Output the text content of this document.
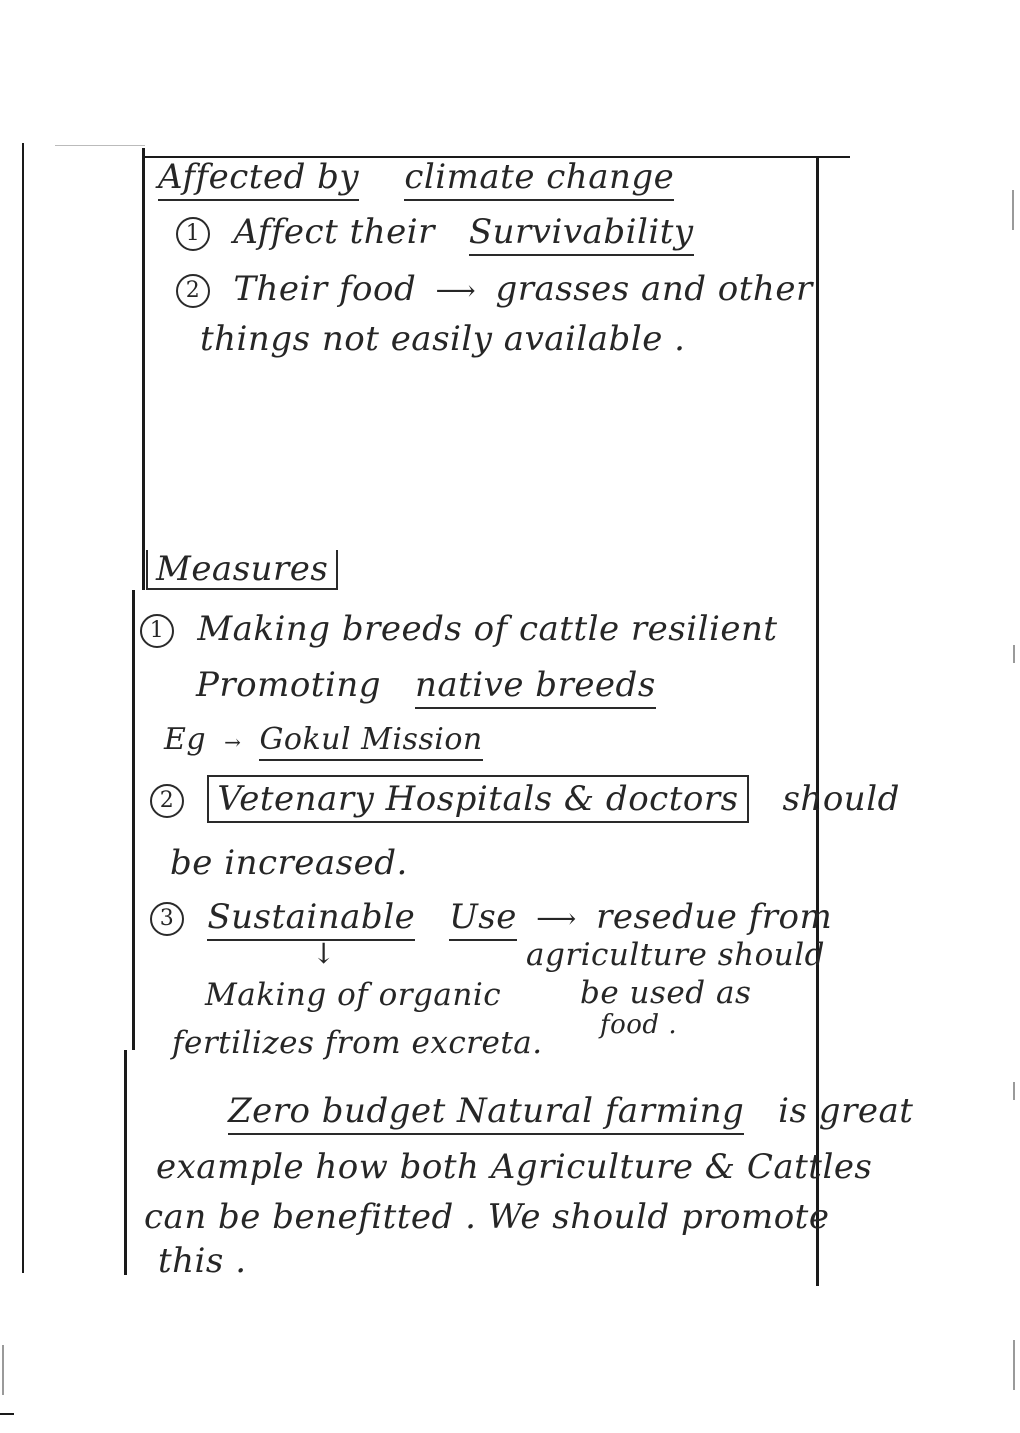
Affected by climate change
1 Affect their Survivability
2 Their food ⟶ grasses and other
things not easily available .
Measures
1 Making breeds of cattle resilient
Promoting native breeds
Eg → Gokul Mission
2 Vetenary Hospitals & doctors should
be increased.
3 Sustainable Use ⟶ resedue from
↓	agriculture should
be used as
food .
Making of organic
fertilizes from excreta.
Zero budget Natural farming is great
example how both Agriculture & Cattles
can be benefitted . We should promote
this .
